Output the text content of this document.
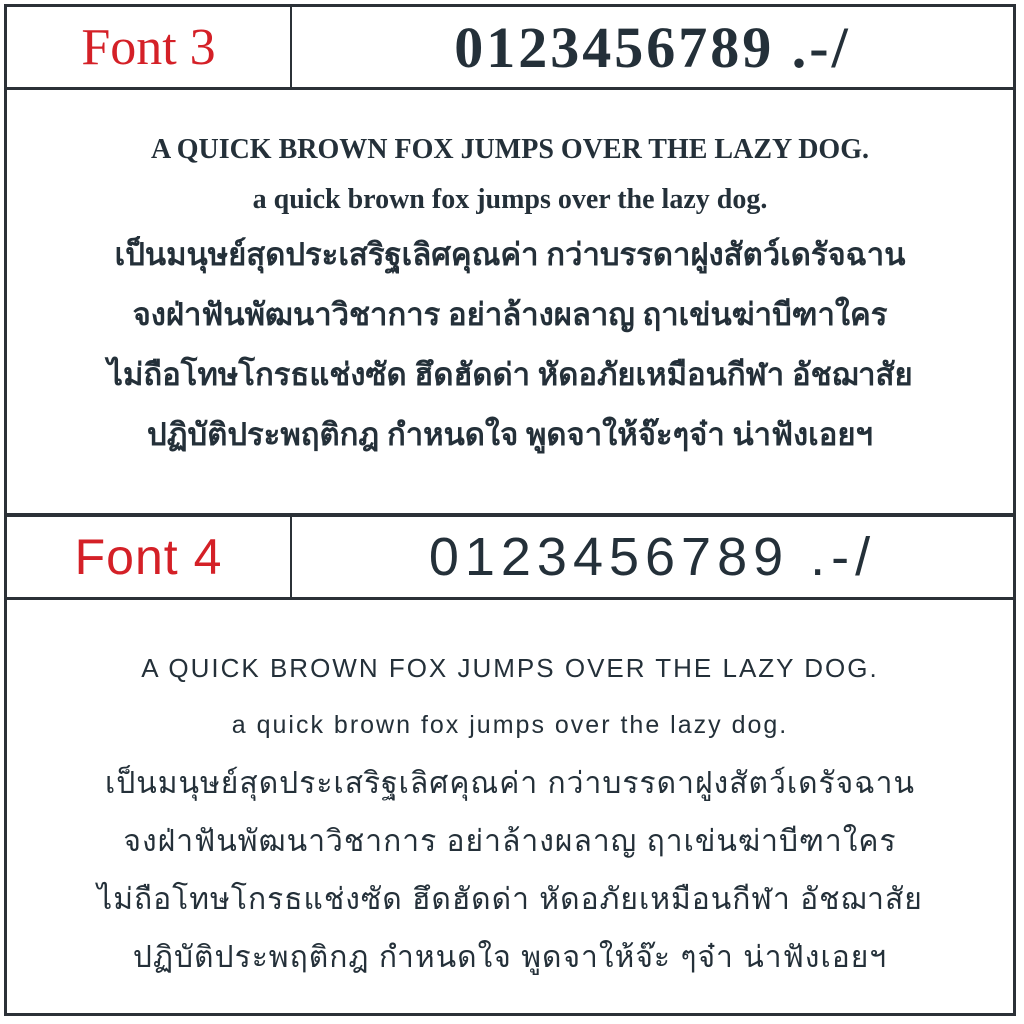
Font 3	0123456789 .-/
A QUICK BROWN FOX JUMPS OVER THE LAZY DOG.
a quick brown fox jumps over the lazy dog.
เป็นมนุษย์สุดประเสริฐเลิศคุณค่า กว่าบรรดาฝูงสัตว์เดรัจฉาน
จงฝ่าฟันพัฒนาวิชาการ อย่าล้างผลาญ ฤาเข่นฆ่าบีฑาใคร
ไม่ถือโทษโกรธแช่งซัด ฮึดฮัดด่า หัดอภัยเหมือนกีฬา อัชฌาสัย
ปฏิบัติประพฤติกฎ กำหนดใจ พูดจาให้จ๊ะๆจ๋า น่าฟังเอยฯ
Font 4	0123456789 .-/
A QUICK BROWN FOX JUMPS OVER THE LAZY DOG.
a quick brown fox jumps over the lazy dog.
เป็นมนุษย์สุดประเสริฐเลิศคุณค่า กว่าบรรดาฝูงสัตว์เดรัจฉาน
จงฝ่าฟันพัฒนาวิชาการ อย่าล้างผลาญ ฤาเข่นฆ่าบีฑาใคร
ไม่ถือโทษโกรธแช่งซัด ฮึดฮัดด่า หัดอภัยเหมือนกีฬา อัชฌาสัย
ปฏิบัติประพฤติกฎ กำหนดใจ พูดจาให้จ๊ะ ๆจ๋า น่าฟังเอยฯ
